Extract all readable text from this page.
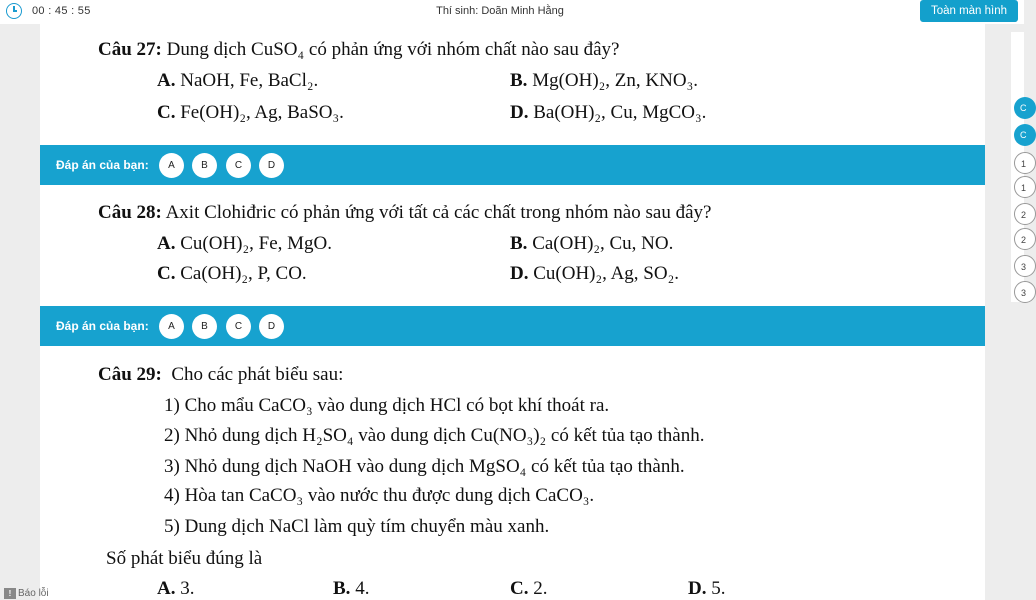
00 : 45 : 55	Thí sinh: Doãn Minh Hằng	Toàn màn hình
C
C
1
1
2
2
3
3
Câu 27: Dung dịch CuSO₄ có phản ứng với nhóm chất nào sau đây?
A. NaOH, Fe, BaCl₂.	B. Mg(OH)₂, Zn, KNO₃.
C. Fe(OH)₂, Ag, BaSO₃.	D. Ba(OH)₂, Cu, MgCO₃.
Đáp án của bạn:	A	B	C	D
Câu 28: Axit Clohiđric có phản ứng với tất cả các chất trong nhóm nào sau đây?
A. Cu(OH)₂, Fe, MgO.	B. Ca(OH)₂, Cu, NO.
C. Ca(OH)₂, P, CO.	D. Cu(OH)₂, Ag, SO₂.
Đáp án của bạn:	A	B	C	D
Câu 29: Cho các phát biểu sau:
1) Cho mẩu CaCO₃ vào dung dịch HCl có bọt khí thoát ra.
2) Nhỏ dung dịch H₂SO₄ vào dung dịch Cu(NO₃)₂ có kết tủa tạo thành.
3) Nhỏ dung dịch NaOH vào dung dịch MgSO₄ có kết tủa tạo thành.
4) Hòa tan CaCO₃ vào nước thu được dung dịch CaCO₃.
5) Dung dịch NaCl làm quỳ tím chuyển màu xanh.
Số phát biểu đúng là
A. 3.	B. 4.	C. 2.	D. 5.
! Báo lỗi
